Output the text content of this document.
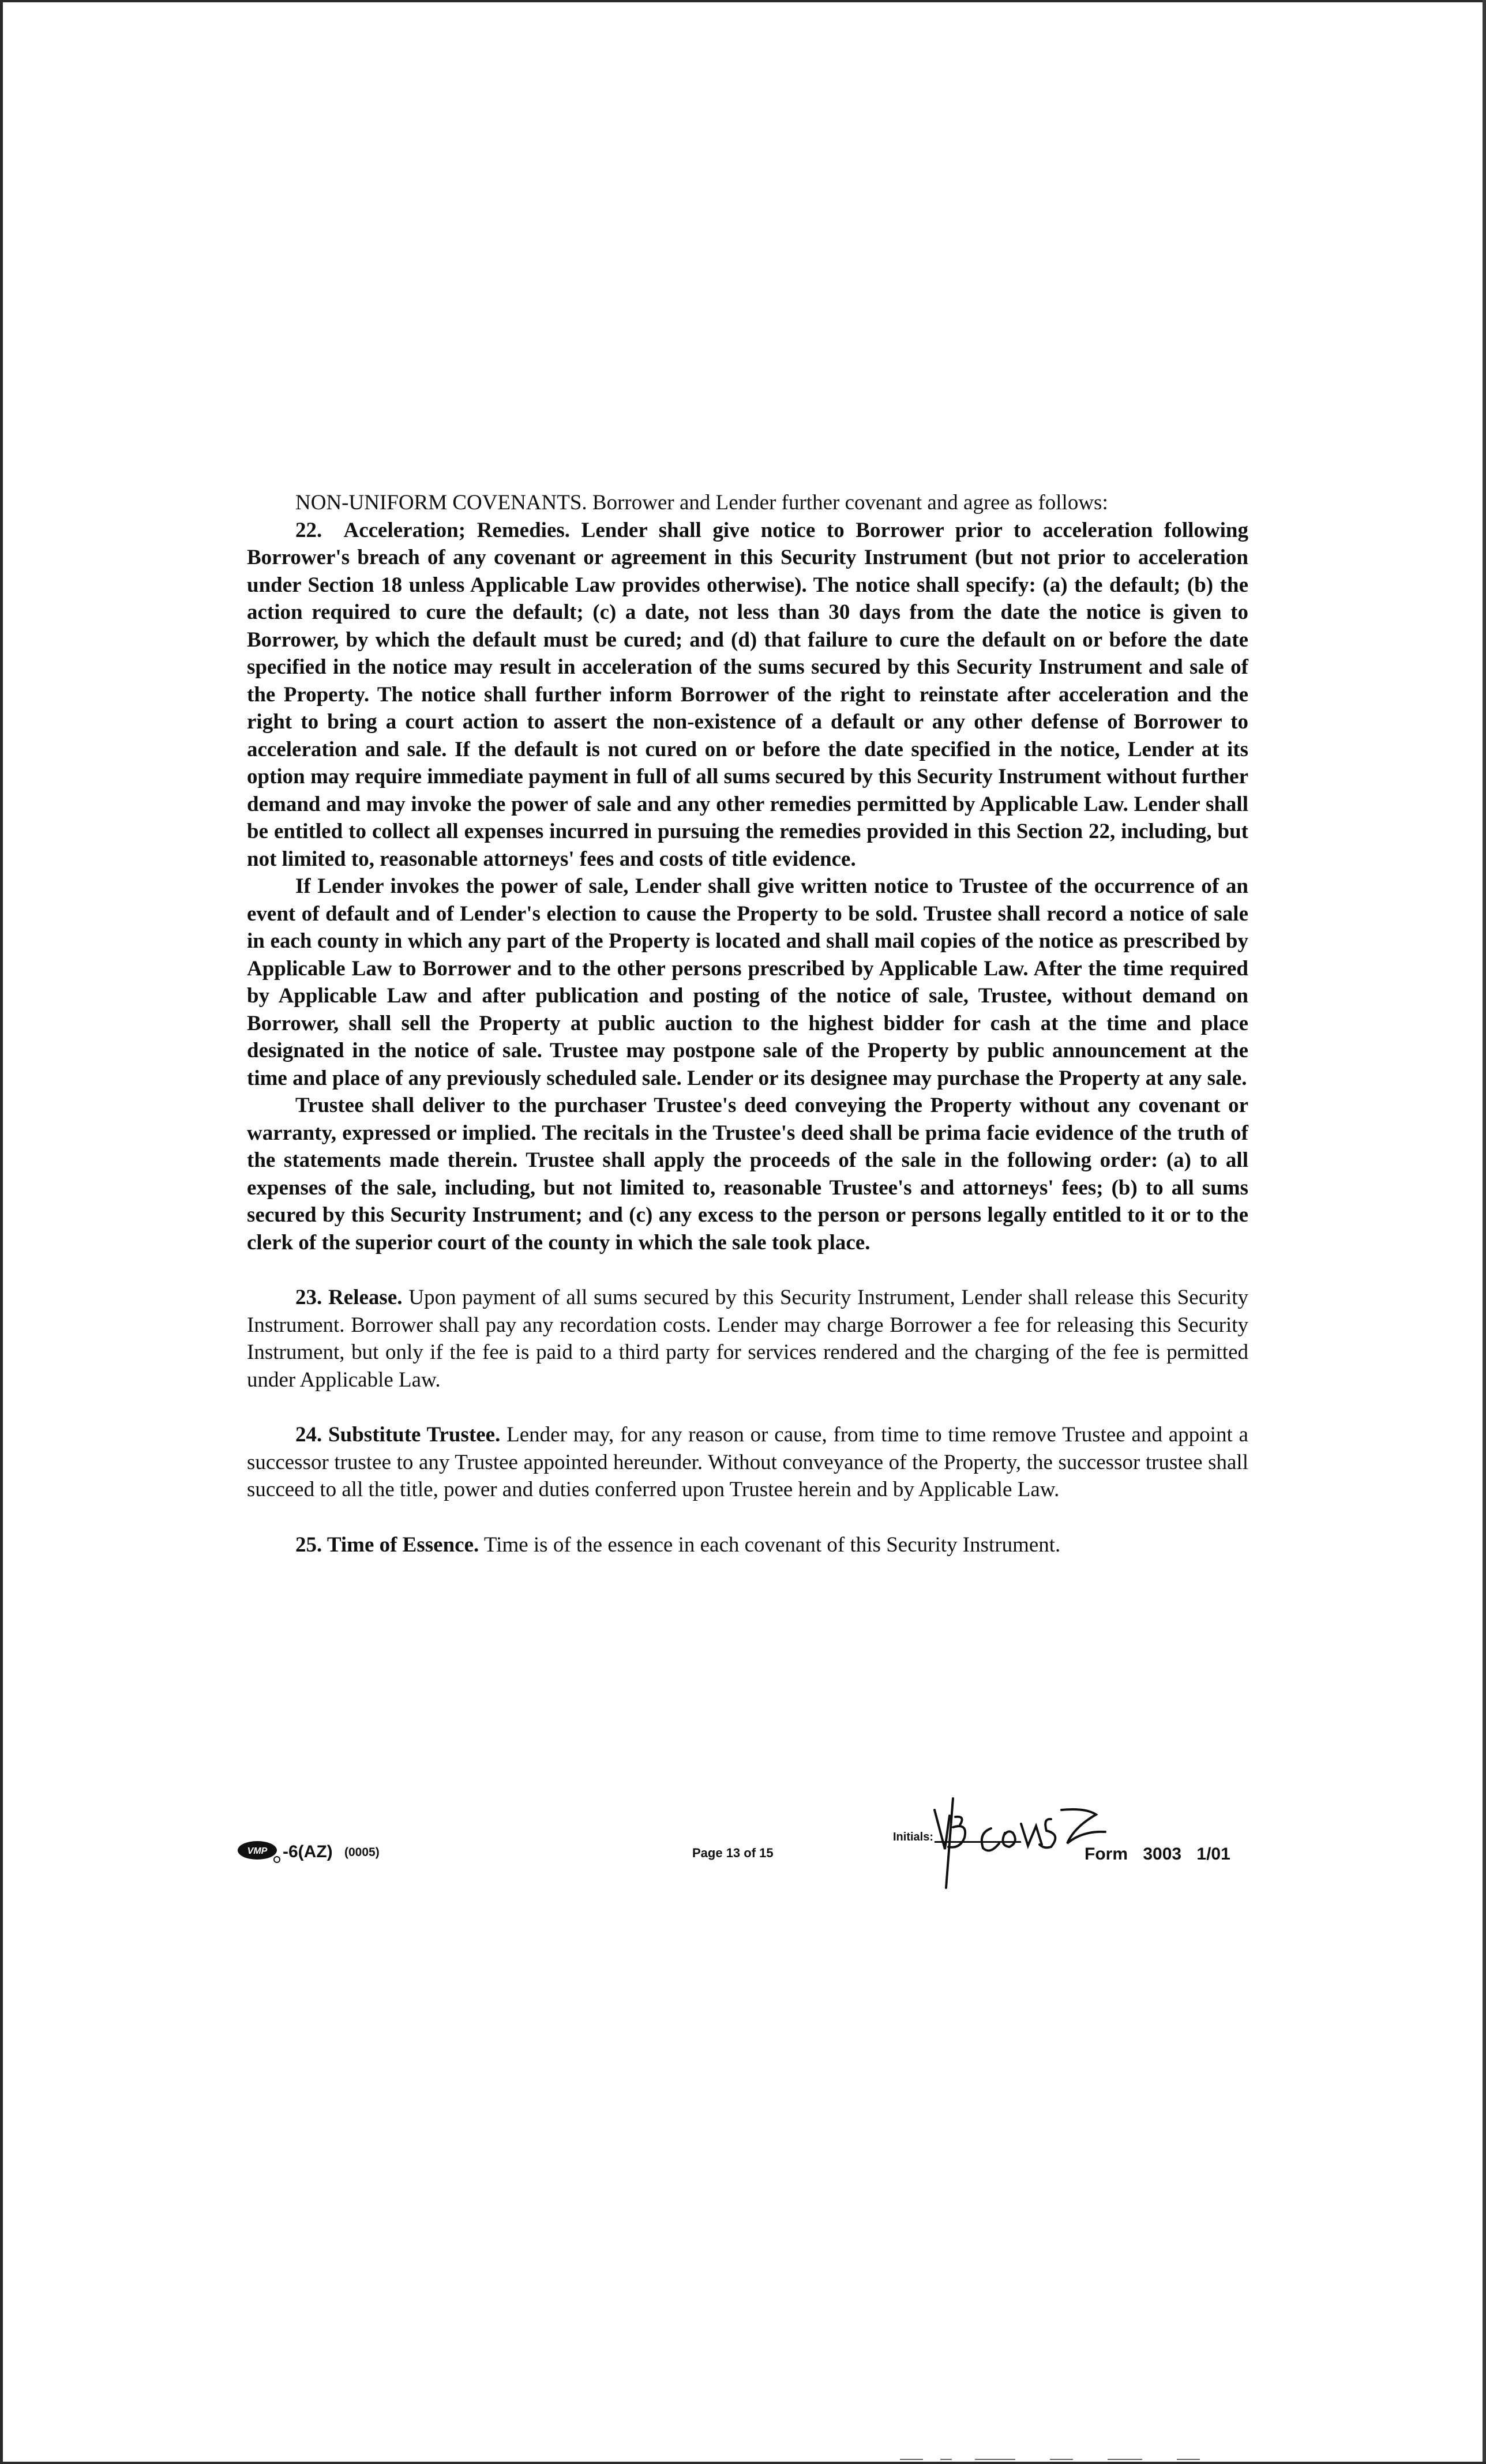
NON-UNIFORM COVENANTS. Borrower and Lender further covenant and agree as follows:

22. Acceleration; Remedies. Lender shall give notice to Borrower prior to acceleration following Borrower's breach of any covenant or agreement in this Security Instrument (but not prior to acceleration under Section 18 unless Applicable Law provides otherwise). The notice shall specify: (a) the default; (b) the action required to cure the default; (c) a date, not less than 30 days from the date the notice is given to Borrower, by which the default must be cured; and (d) that failure to cure the default on or before the date specified in the notice may result in acceleration of the sums secured by this Security Instrument and sale of the Property. The notice shall further inform Borrower of the right to reinstate after acceleration and the right to bring a court action to assert the non-existence of a default or any other defense of Borrower to acceleration and sale. If the default is not cured on or before the date specified in the notice, Lender at its option may require immediate payment in full of all sums secured by this Security Instrument without further demand and may invoke the power of sale and any other remedies permitted by Applicable Law. Lender shall be entitled to collect all expenses incurred in pursuing the remedies provided in this Section 22, including, but not limited to, reasonable attorneys' fees and costs of title evidence.

If Lender invokes the power of sale, Lender shall give written notice to Trustee of the occurrence of an event of default and of Lender's election to cause the Property to be sold. Trustee shall record a notice of sale in each county in which any part of the Property is located and shall mail copies of the notice as prescribed by Applicable Law to Borrower and to the other persons prescribed by Applicable Law. After the time required by Applicable Law and after publication and posting of the notice of sale, Trustee, without demand on Borrower, shall sell the Property at public auction to the highest bidder for cash at the time and place designated in the notice of sale. Trustee may postpone sale of the Property by public announcement at the time and place of any previously scheduled sale. Lender or its designee may purchase the Property at any sale.

Trustee shall deliver to the purchaser Trustee's deed conveying the Property without any covenant or warranty, expressed or implied. The recitals in the Trustee's deed shall be prima facie evidence of the truth of the statements made therein. Trustee shall apply the proceeds of the sale in the following order: (a) to all expenses of the sale, including, but not limited to, reasonable Trustee's and attorneys' fees; (b) to all sums secured by this Security Instrument; and (c) any excess to the person or persons legally entitled to it or to the clerk of the superior court of the county in which the sale took place.

23. Release. Upon payment of all sums secured by this Security Instrument, Lender shall release this Security Instrument. Borrower shall pay any recordation costs. Lender may charge Borrower a fee for releasing this Security Instrument, but only if the fee is paid to a third party for services rendered and the charging of the fee is permitted under Applicable Law.

24. Substitute Trustee. Lender may, for any reason or cause, from time to time remove Trustee and appoint a successor trustee to any Trustee appointed hereunder. Without conveyance of the Property, the successor trustee shall succeed to all the title, power and duties conferred upon Trustee herein and by Applicable Law.

25. Time of Essence. Time is of the essence in each covenant of this Security Instrument.

VMP -6(AZ) (0005)	Page 13 of 15
Initials:
Form 3003 1/01
